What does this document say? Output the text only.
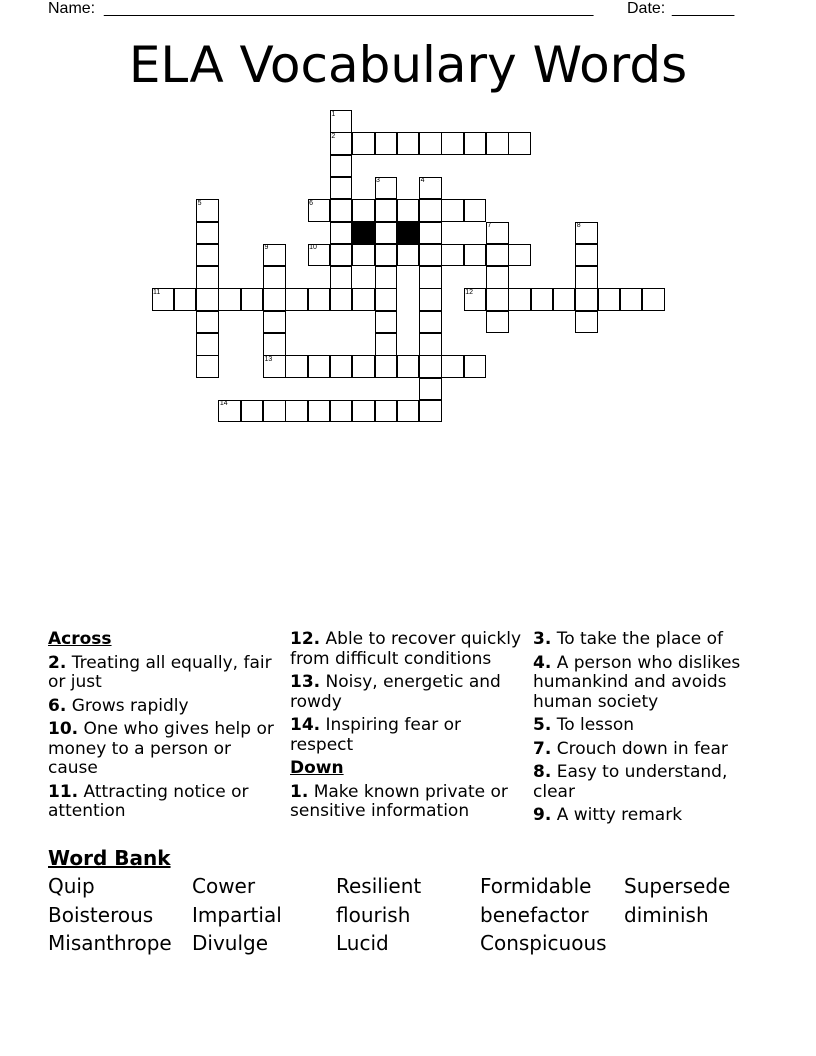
Name: _______________________________________________________ Date: _______
ELA Vocabulary Words
1
2
3	4
5	6
7	8
9	10
11	12
13
14
Across
2. Treating all equally, fair or just
6. Grows rapidly
10. One who gives help or money to a person or cause
11. Attracting notice or attention
12. Able to recover quickly from difficult conditions
13. Noisy, energetic and rowdy
14. Inspiring fear or respect
Down
1. Make known private or sensitive information
3. To take the place of
4. A person who dislikes humankind and avoids human society
5. To lesson
7. Crouch down in fear
8. Easy to understand, clear
9. A witty remark
Word Bank
Quip	Cower	Resilient	Formidable	Supersede
Boisterous	Impartial	flourish	benefactor	diminish
Misanthrope	Divulge	Lucid	Conspicuous
